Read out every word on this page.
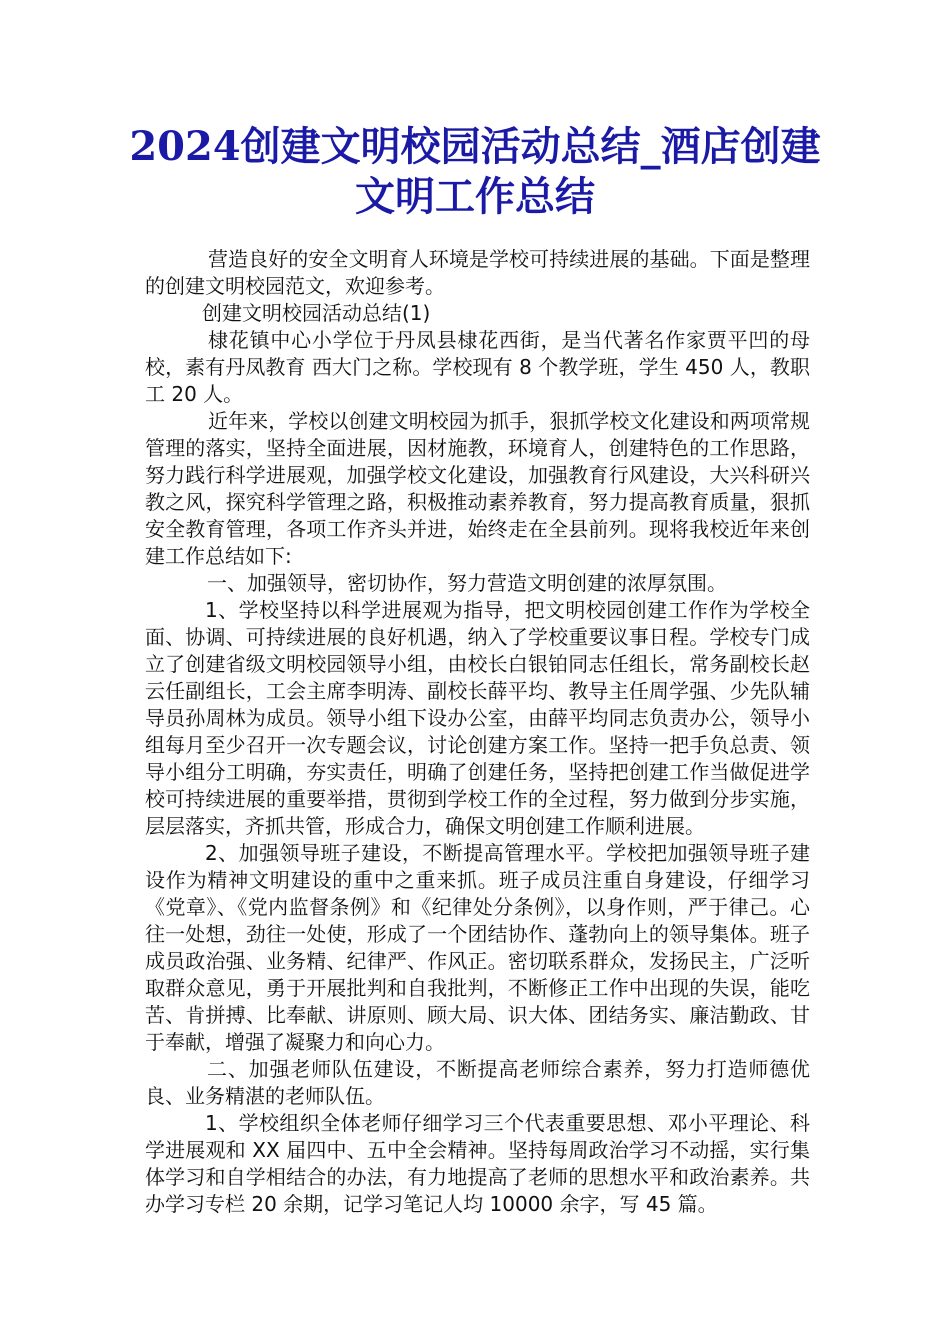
2024创建文明校园活动总结_酒店创建文明工作总结

营造良好的安全文明育人环境是学校可持续进展的基础。下面是整理的创建文明校园范文，欢迎参考。

创建文明校园活动总结(1)

棣花镇中心小学位于丹凤县棣花西街，是当代著名作家贾平凹的母校，素有丹凤教育 西大门之称。学校现有 8 个教学班，学生 450 人，教职工 20 人。

近年来，学校以创建文明校园为抓手，狠抓学校文化建设和两项常规管理的落实，坚持全面进展，因材施教，环境育人，创建特色的工作思路，努力践行科学进展观，加强学校文化建设，加强教育行风建设，大兴科研兴教之风，探究科学管理之路，积极推动素养教育，努力提高教育质量，狠抓安全教育管理，各项工作齐头并进，始终走在全县前列。现将我校近年来创建工作总结如下:

一、加强领导，密切协作，努力营造文明创建的浓厚氛围。

1、学校坚持以科学进展观为指导，把文明校园创建工作作为学校全面、协调、可持续进展的良好机遇，纳入了学校重要议事日程。学校专门成立了创建省级文明校园领导小组，由校长白银铂同志任组长，常务副校长赵云任副组长，工会主席李明涛、副校长薛平均、教导主任周学强、少先队辅导员孙周林为成员。领导小组下设办公室，由薛平均同志负责办公，领导小组每月至少召开一次专题会议，讨论创建方案工作。坚持一把手负总责、领导小组分工明确，夯实责任，明确了创建任务，坚持把创建工作当做促进学校可持续进展的重要举措，贯彻到学校工作的全过程，努力做到分步实施，层层落实，齐抓共管，形成合力，确保文明创建工作顺利进展。

2、加强领导班子建设，不断提高管理水平。学校把加强领导班子建设作为精神文明建设的重中之重来抓。班子成员注重自身建设，仔细学习《党章》、《党内监督条例》和《纪律处分条例》，以身作则，严于律己。心往一处想，劲往一处使，形成了一个团结协作、蓬勃向上的领导集体。班子成员政治强、业务精、纪律严、作风正。密切联系群众，发扬民主，广泛听取群众意见，勇于开展批判和自我批判，不断修正工作中出现的失误，能吃苦、肯拼搏、比奉献、讲原则、顾大局、识大体、团结务实、廉洁勤政、甘于奉献，增强了凝聚力和向心力。

二、加强老师队伍建设，不断提高老师综合素养，努力打造师德优良、业务精湛的老师队伍。

1、学校组织全体老师仔细学习三个代表重要思想、邓小平理论、科学进展观和 XX 届四中、五中全会精神。坚持每周政治学习不动摇，实行集体学习和自学相结合的办法，有力地提高了老师的思想水平和政治素养。共办学习专栏 20 余期，记学习笔记人均 10000 余字，写 45 篇。
